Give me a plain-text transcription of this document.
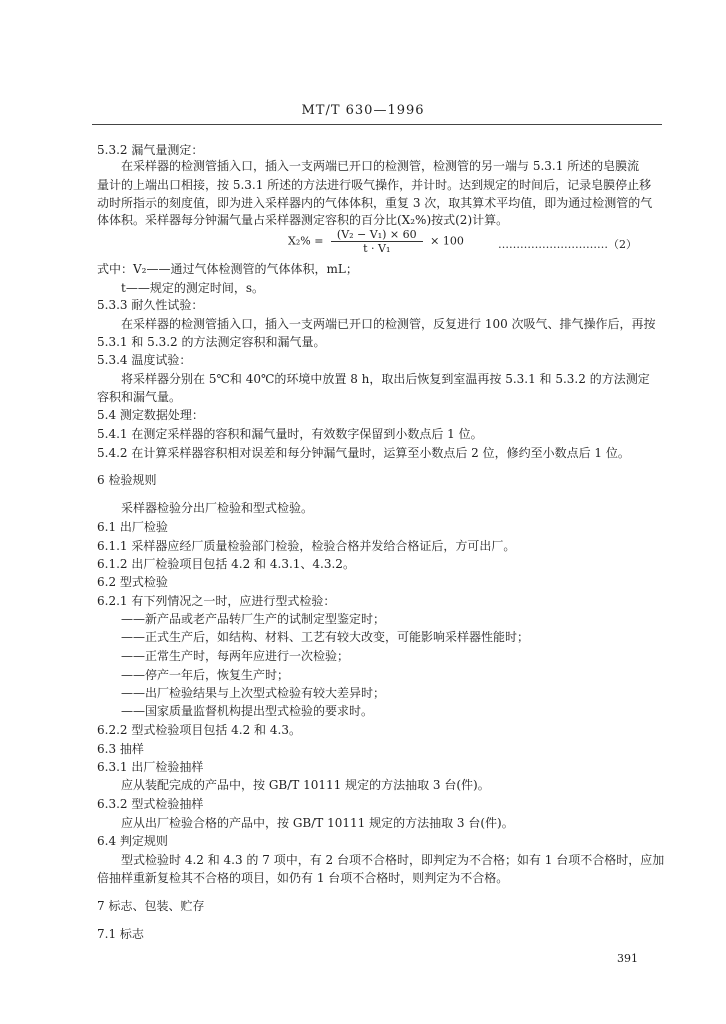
MT/T 630—1996
5.3.2 漏气量测定：
在采样器的检测管插入口，插入一支两端已开口的检测管，检测管的另一端与 5.3.1 所述的皂膜流
量计的上端出口相接，按 5.3.1 所述的方法进行吸气操作，并计时。达到规定的时间后，记录皂膜停止移
动时所指示的刻度值，即为进入采样器内的气体体积，重复 3 次，取其算术平均值，即为通过检测管的气
体体积。采样器每分钟漏气量占采样器测定容积的百分比(X₂%)按式(2)计算。
式中：V₂——通过气体检测管的气体体积，mL；
t——规定的测定时间，s。
5.3.3 耐久性试验：
在采样器的检测管插入口，插入一支两端已开口的检测管，反复进行 100 次吸气、排气操作后，再按
5.3.1 和 5.3.2 的方法测定容积和漏气量。
5.3.4 温度试验：
将采样器分别在 5℃和 40℃的环境中放置 8 h，取出后恢复到室温再按 5.3.1 和 5.3.2 的方法测定
容积和漏气量。
5.4 测定数据处理：
5.4.1 在测定采样器的容积和漏气量时，有效数字保留到小数点后 1 位。
5.4.2 在计算采样器容积相对误差和每分钟漏气量时，运算至小数点后 2 位，修约至小数点后 1 位。
6 检验规则
采样器检验分出厂检验和型式检验。
6.1 出厂检验
6.1.1 采样器应经厂质量检验部门检验，检验合格并发给合格证后，方可出厂。
6.1.2 出厂检验项目包括 4.2 和 4.3.1、4.3.2。
6.2 型式检验
6.2.1 有下列情况之一时，应进行型式检验：
——新产品或老产品转厂生产的试制定型鉴定时；
——正式生产后，如结构、材料、工艺有较大改变，可能影响采样器性能时；
——正常生产时，每两年应进行一次检验；
——停产一年后，恢复生产时；
——出厂检验结果与上次型式检验有较大差异时；
——国家质量监督机构提出型式检验的要求时。
6.2.2 型式检验项目包括 4.2 和 4.3。
6.3 抽样
6.3.1 出厂检验抽样
应从装配完成的产品中，按 GB/T 10111 规定的方法抽取 3 台(件)。
6.3.2 型式检验抽样
应从出厂检验合格的产品中，按 GB/T 10111 规定的方法抽取 3 台(件)。
6.4 判定规则
型式检验时 4.2 和 4.3 的 7 项中，有 2 台项不合格时，即判定为不合格；如有 1 台项不合格时，应加
倍抽样重新复检其不合格的项目，如仍有 1 台项不合格时，则判定为不合格。
7 标志、包装、贮存
7.1 标志
$X_2\% = \frac{\text{(V₂ − V₁) × 60}}{\text{t · V₁}} \times 100$	…………………………（2）
391
